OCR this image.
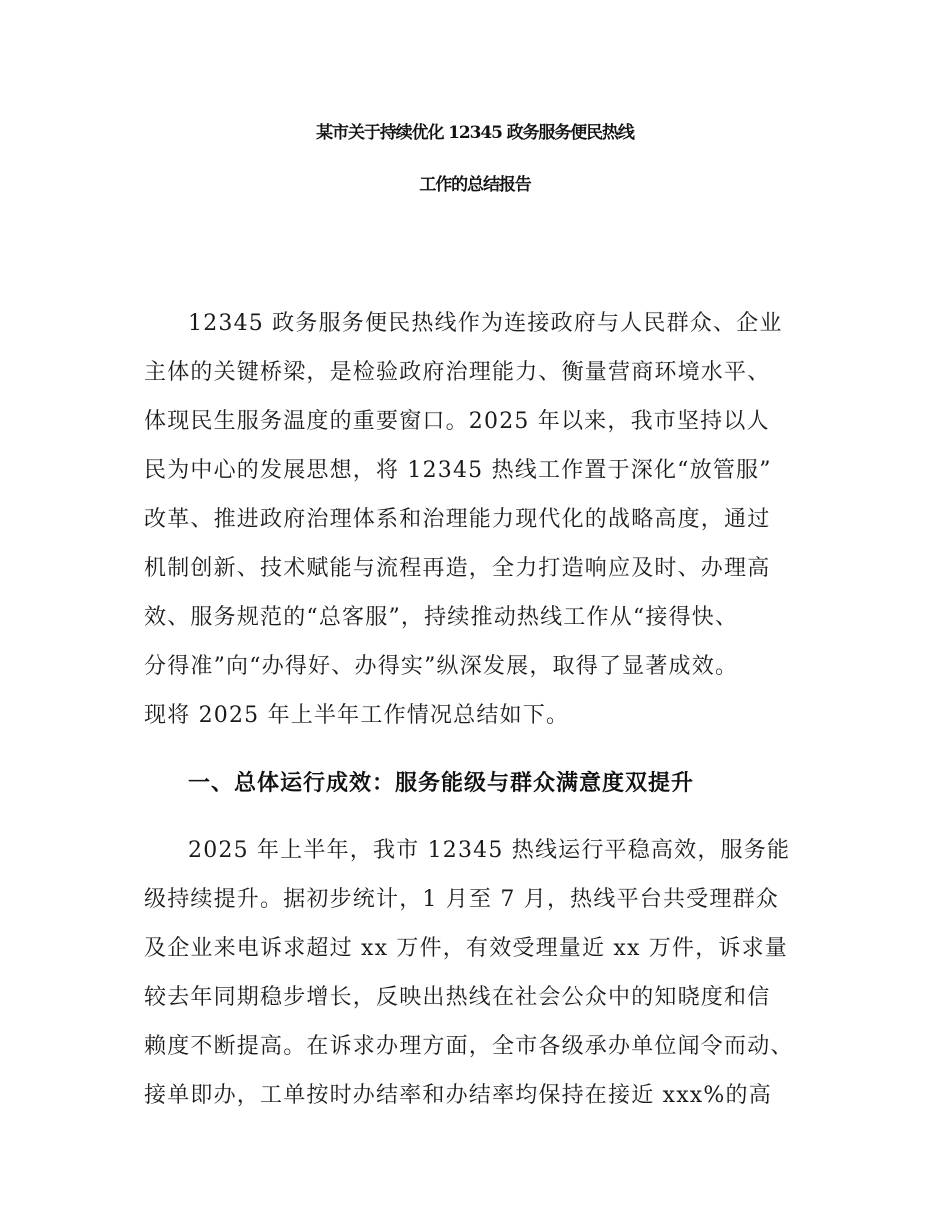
某市关于持续优化 12345 政务服务便民热线
工作的总结报告
12345 政务服务便民热线作为连接政府与人民群众、企业
主体的关键桥梁，是检验政府治理能力、衡量营商环境水平、
体现民生服务温度的重要窗口。2025 年以来，我市坚持以人
民为中心的发展思想，将 12345 热线工作置于深化“放管服”
改革、推进政府治理体系和治理能力现代化的战略高度，通过
机制创新、技术赋能与流程再造，全力打造响应及时、办理高
效、服务规范的“总客服”，持续推动热线工作从“接得快、
分得准”向“办得好、办得实”纵深发展，取得了显著成效。
现将 2025 年上半年工作情况总结如下。
一、总体运行成效：服务能级与群众满意度双提升
2025 年上半年，我市 12345 热线运行平稳高效，服务能
级持续提升。据初步统计，1 月至 7 月，热线平台共受理群众
及企业来电诉求超过 xx 万件，有效受理量近 xx 万件，诉求量
较去年同期稳步增长，反映出热线在社会公众中的知晓度和信
赖度不断提高。在诉求办理方面，全市各级承办单位闻令而动、
接单即办，工单按时办结率和办结率均保持在接近 xxx%的高
